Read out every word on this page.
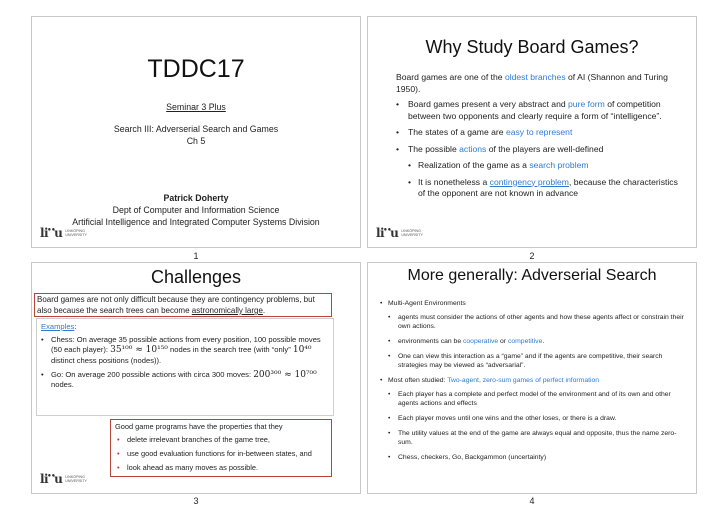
TDDC17
Seminar 3 Plus
Search III: Adverserial Search and Games
Ch 5
Patrick Doherty
Dept of Computer and Information Science
Artificial Intelligence and Integrated Computer Systems Division
li••u LINKÖPING
UNIVERSITY
1
Why Study Board Games?

Board games are one of the oldest branches of AI (Shannon and Turing 1950).

• Board games present a very abstract and pure form of competition between two opponents and clearly require a form of “intelligence”.
• The states of a game are easy to represent
• The possible actions of the players are well-defined
• Realization of the game as a search problem
• It is nonetheless a contingency problem, because the characteristics of the opponent are not known in advance
li••u LINKÖPING
UNIVERSITY
2
Challenges
Board games are not only difficult because they are contingency problems, but also because the search trees can become astronomically large.
Examples:
• Chess: On average 35 possible actions from every position, 100 possible moves (50 each player): 35¹⁰⁰ ≈ 10¹⁵⁰ nodes in the search tree (with “only” 10⁴⁰ distinct chess positions (nodes)).
• Go: On average 200 possible actions with circa 300 moves: 200³⁰⁰ ≈ 10⁷⁰⁰ nodes.
Good game programs have the properties that they
• delete irrelevant branches of the game tree,
• use good evaluation functions for in-between states, and
• look ahead as many moves as possible.
li••u LINKÖPING
UNIVERSITY
3
More generally: Adverserial Search
• Multi-Agent Environments
• agents must consider the actions of other agents and how these agents affect or constrain their own actions.
• environments can be cooperative or competitive.
• One can view this interaction as a “game” and if the agents are competitive, their search strategies may be viewed as “adversarial”.
• Most often studied: Two-agent, zero-sum games of perfect information
• Each player has a complete and perfect model of the environment and of its own and other agents actions and effects
• Each player moves until one wins and the other loses, or there is a draw.
• The utility values at the end of the game are always equal and opposite, thus the name zero-sum.
• Chess, checkers, Go, Backgammon (uncertainty)
4
